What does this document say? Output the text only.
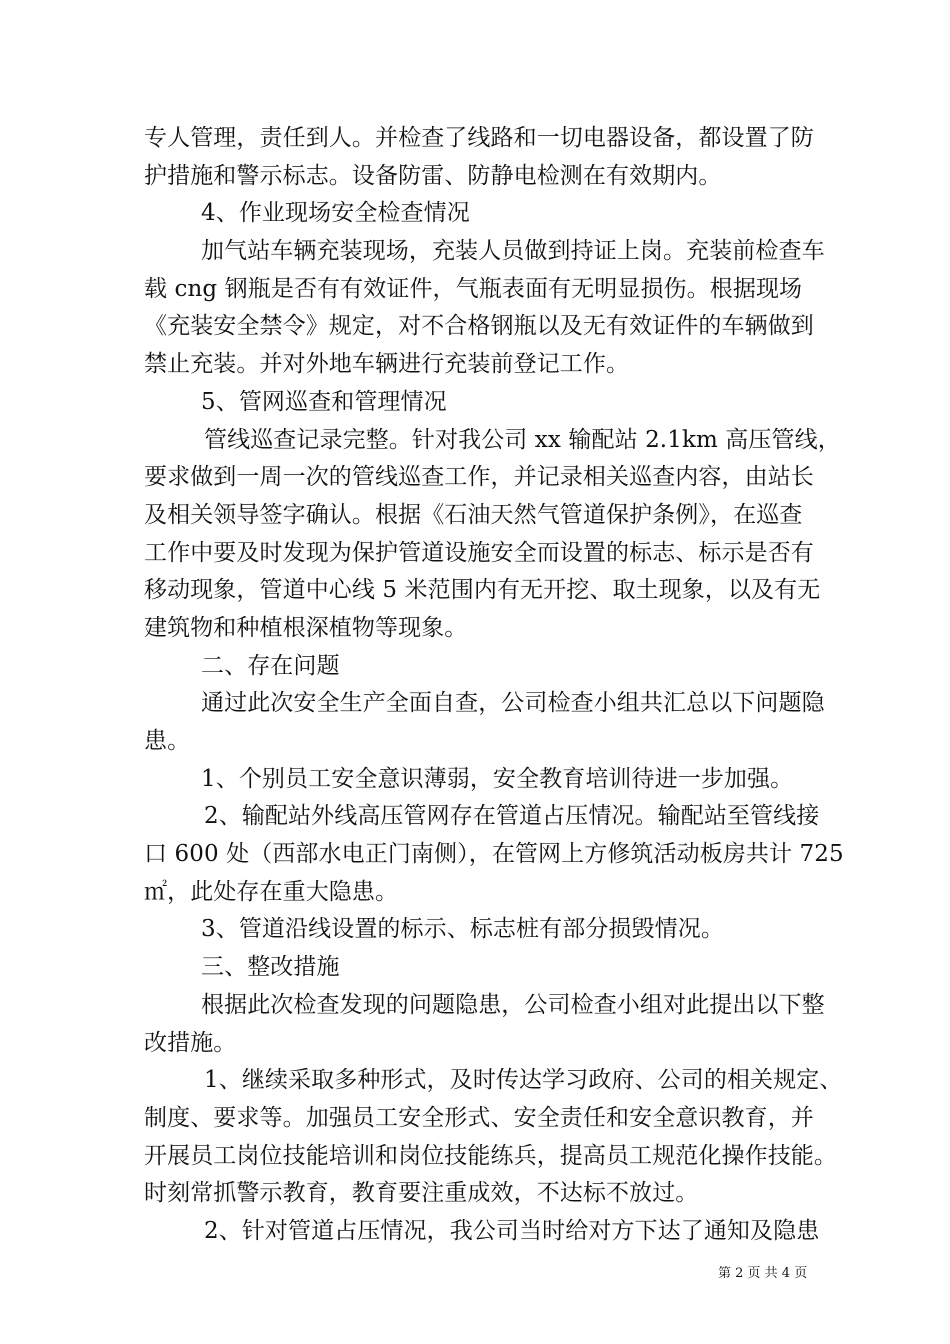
专人管理，责任到人。并检查了线路和一切电器设备，都设置了防
护措施和警示标志。设备防雷、防静电检测在有效期内。
4、作业现场安全检查情况
加气站车辆充装现场，充装人员做到持证上岗。充装前检查车
载 cng 钢瓶是否有有效证件，气瓶表面有无明显损伤。根据现场
《充装安全禁令》规定，对不合格钢瓶以及无有效证件的车辆做到
禁止充装。并对外地车辆进行充装前登记工作。
5、管网巡查和管理情况
管线巡查记录完整。针对我公司 xx 输配站 2.1km 高压管线，
要求做到一周一次的管线巡查工作，并记录相关巡查内容，由站长
及相关领导签字确认。根据《石油天然气管道保护条例》，在巡查
工作中要及时发现为保护管道设施安全而设置的标志、标示是否有
移动现象，管道中心线 5 米范围内有无开挖、取土现象，以及有无
建筑物和种植根深植物等现象。
二、存在问题
通过此次安全生产全面自查，公司检查小组共汇总以下问题隐
患。
1、个别员工安全意识薄弱，安全教育培训待进一步加强。
2、输配站外线高压管网存在管道占压情况。输配站至管线接
口 600 处（西部水电正门南侧），在管网上方修筑活动板房共计 725
㎡，此处存在重大隐患。
3、管道沿线设置的标示、标志桩有部分损毁情况。
三、整改措施
根据此次检查发现的问题隐患，公司检查小组对此提出以下整
改措施。
1、继续采取多种形式，及时传达学习政府、公司的相关规定、
制度、要求等。加强员工安全形式、安全责任和安全意识教育，并
开展员工岗位技能培训和岗位技能练兵，提高员工规范化操作技能。
时刻常抓警示教育，教育要注重成效，不达标不放过。
2、针对管道占压情况，我公司当时给对方下达了通知及隐患
第 2 页 共 4 页
